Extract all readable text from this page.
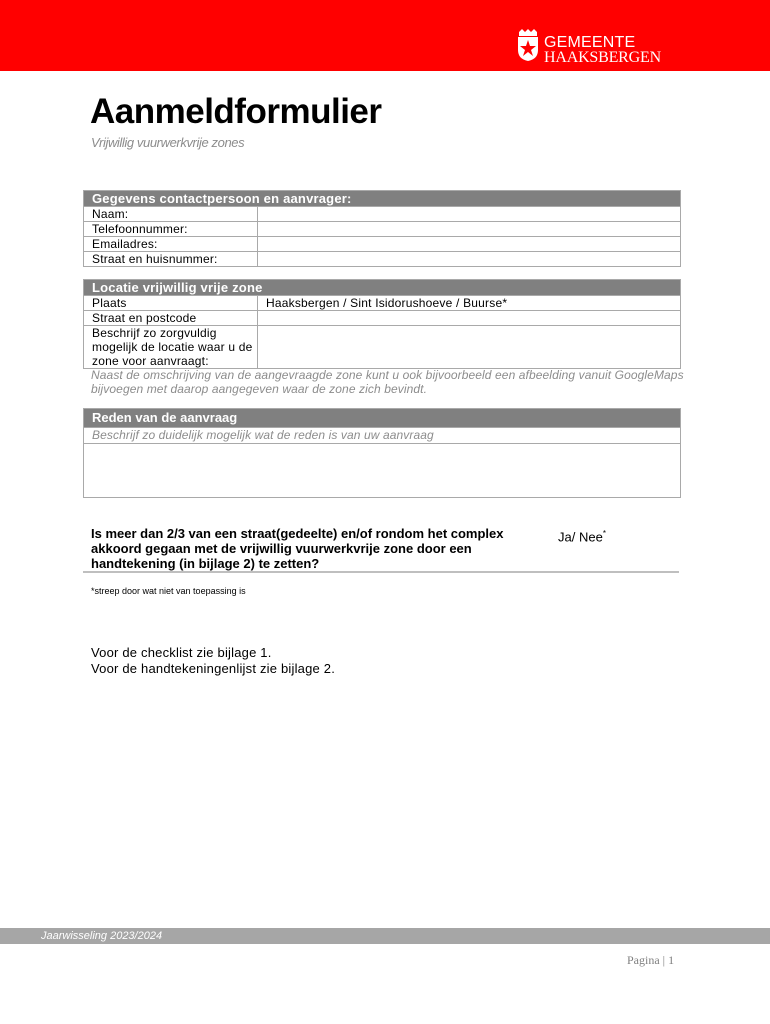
GEMEENTE
HAAKSBERGEN
Aanmeldformulier
Vrijwillig vuurwerkvrije zones
Gegevens contactpersoon en aanvrager:	
Naam:	
Telefoonnummer:	
Emailadres:	
Straat en huisnummer:	
Locatie vrijwillig vrije zone	
Plaats	Haaksbergen / Sint Isidorushoeve / Buurse*
Straat en postcode	
Beschrijf zo zorgvuldig mogelijk de locatie waar u de zone voor aanvraagt:	
Naast de omschrijving van de aangevraagde zone kunt u ook bijvoorbeeld een afbeelding vanuit GoogleMaps bijvoegen met daarop aangegeven waar de zone zich bevindt.
Reden van de aanvraag
Beschrijf zo duidelijk mogelijk wat de reden is van uw aanvraag
Is meer dan 2/3 van een straat(gedeelte) en/of rondom het complex akkoord gegaan met de vrijwillig vuurwerkvrije zone door een handtekening (in bijlage 2) te zetten?
Ja/ Nee*
*streep door wat niet van toepassing is
Voor de checklist zie bijlage 1.
Voor de handtekeningenlijst zie bijlage 2.
Jaarwisseling 2023/2024
Pagina | 1
